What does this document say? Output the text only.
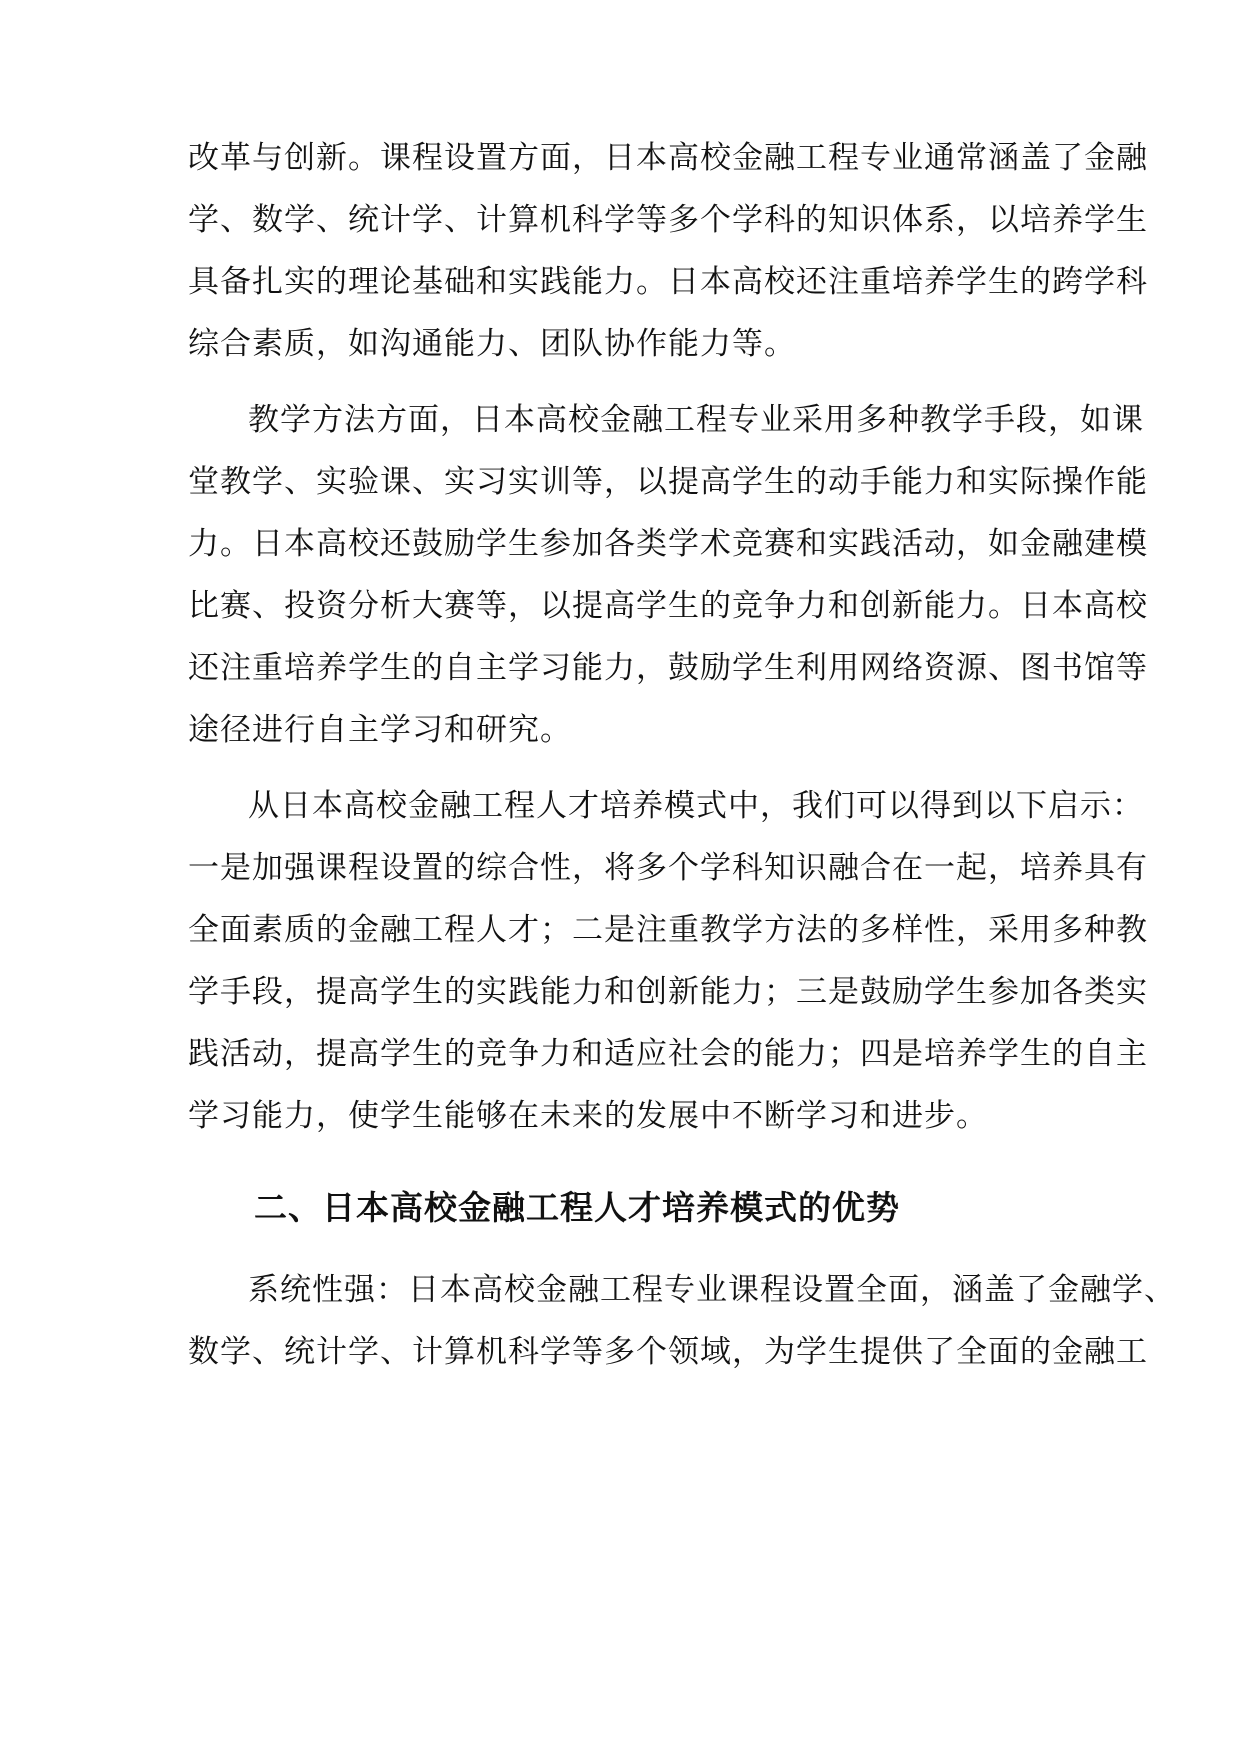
改革与创新。课程设置方面，日本高校金融工程专业通常涵盖了金融
学、数学、统计学、计算机科学等多个学科的知识体系，以培养学生
具备扎实的理论基础和实践能力。日本高校还注重培养学生的跨学科
综合素质，如沟通能力、团队协作能力等。
教学方法方面，日本高校金融工程专业采用多种教学手段，如课
堂教学、实验课、实习实训等，以提高学生的动手能力和实际操作能
力。日本高校还鼓励学生参加各类学术竞赛和实践活动，如金融建模
比赛、投资分析大赛等，以提高学生的竞争力和创新能力。日本高校
还注重培养学生的自主学习能力，鼓励学生利用网络资源、图书馆等
途径进行自主学习和研究。
从日本高校金融工程人才培养模式中，我们可以得到以下启示：
一是加强课程设置的综合性，将多个学科知识融合在一起，培养具有
全面素质的金融工程人才；二是注重教学方法的多样性，采用多种教
学手段，提高学生的实践能力和创新能力；三是鼓励学生参加各类实
践活动，提高学生的竞争力和适应社会的能力；四是培养学生的自主
学习能力，使学生能够在未来的发展中不断学习和进步。
二、日本高校金融工程人才培养模式的优势
系统性强：日本高校金融工程专业课程设置全面，涵盖了金融学、
数学、统计学、计算机科学等多个领域，为学生提供了全面的金融工
